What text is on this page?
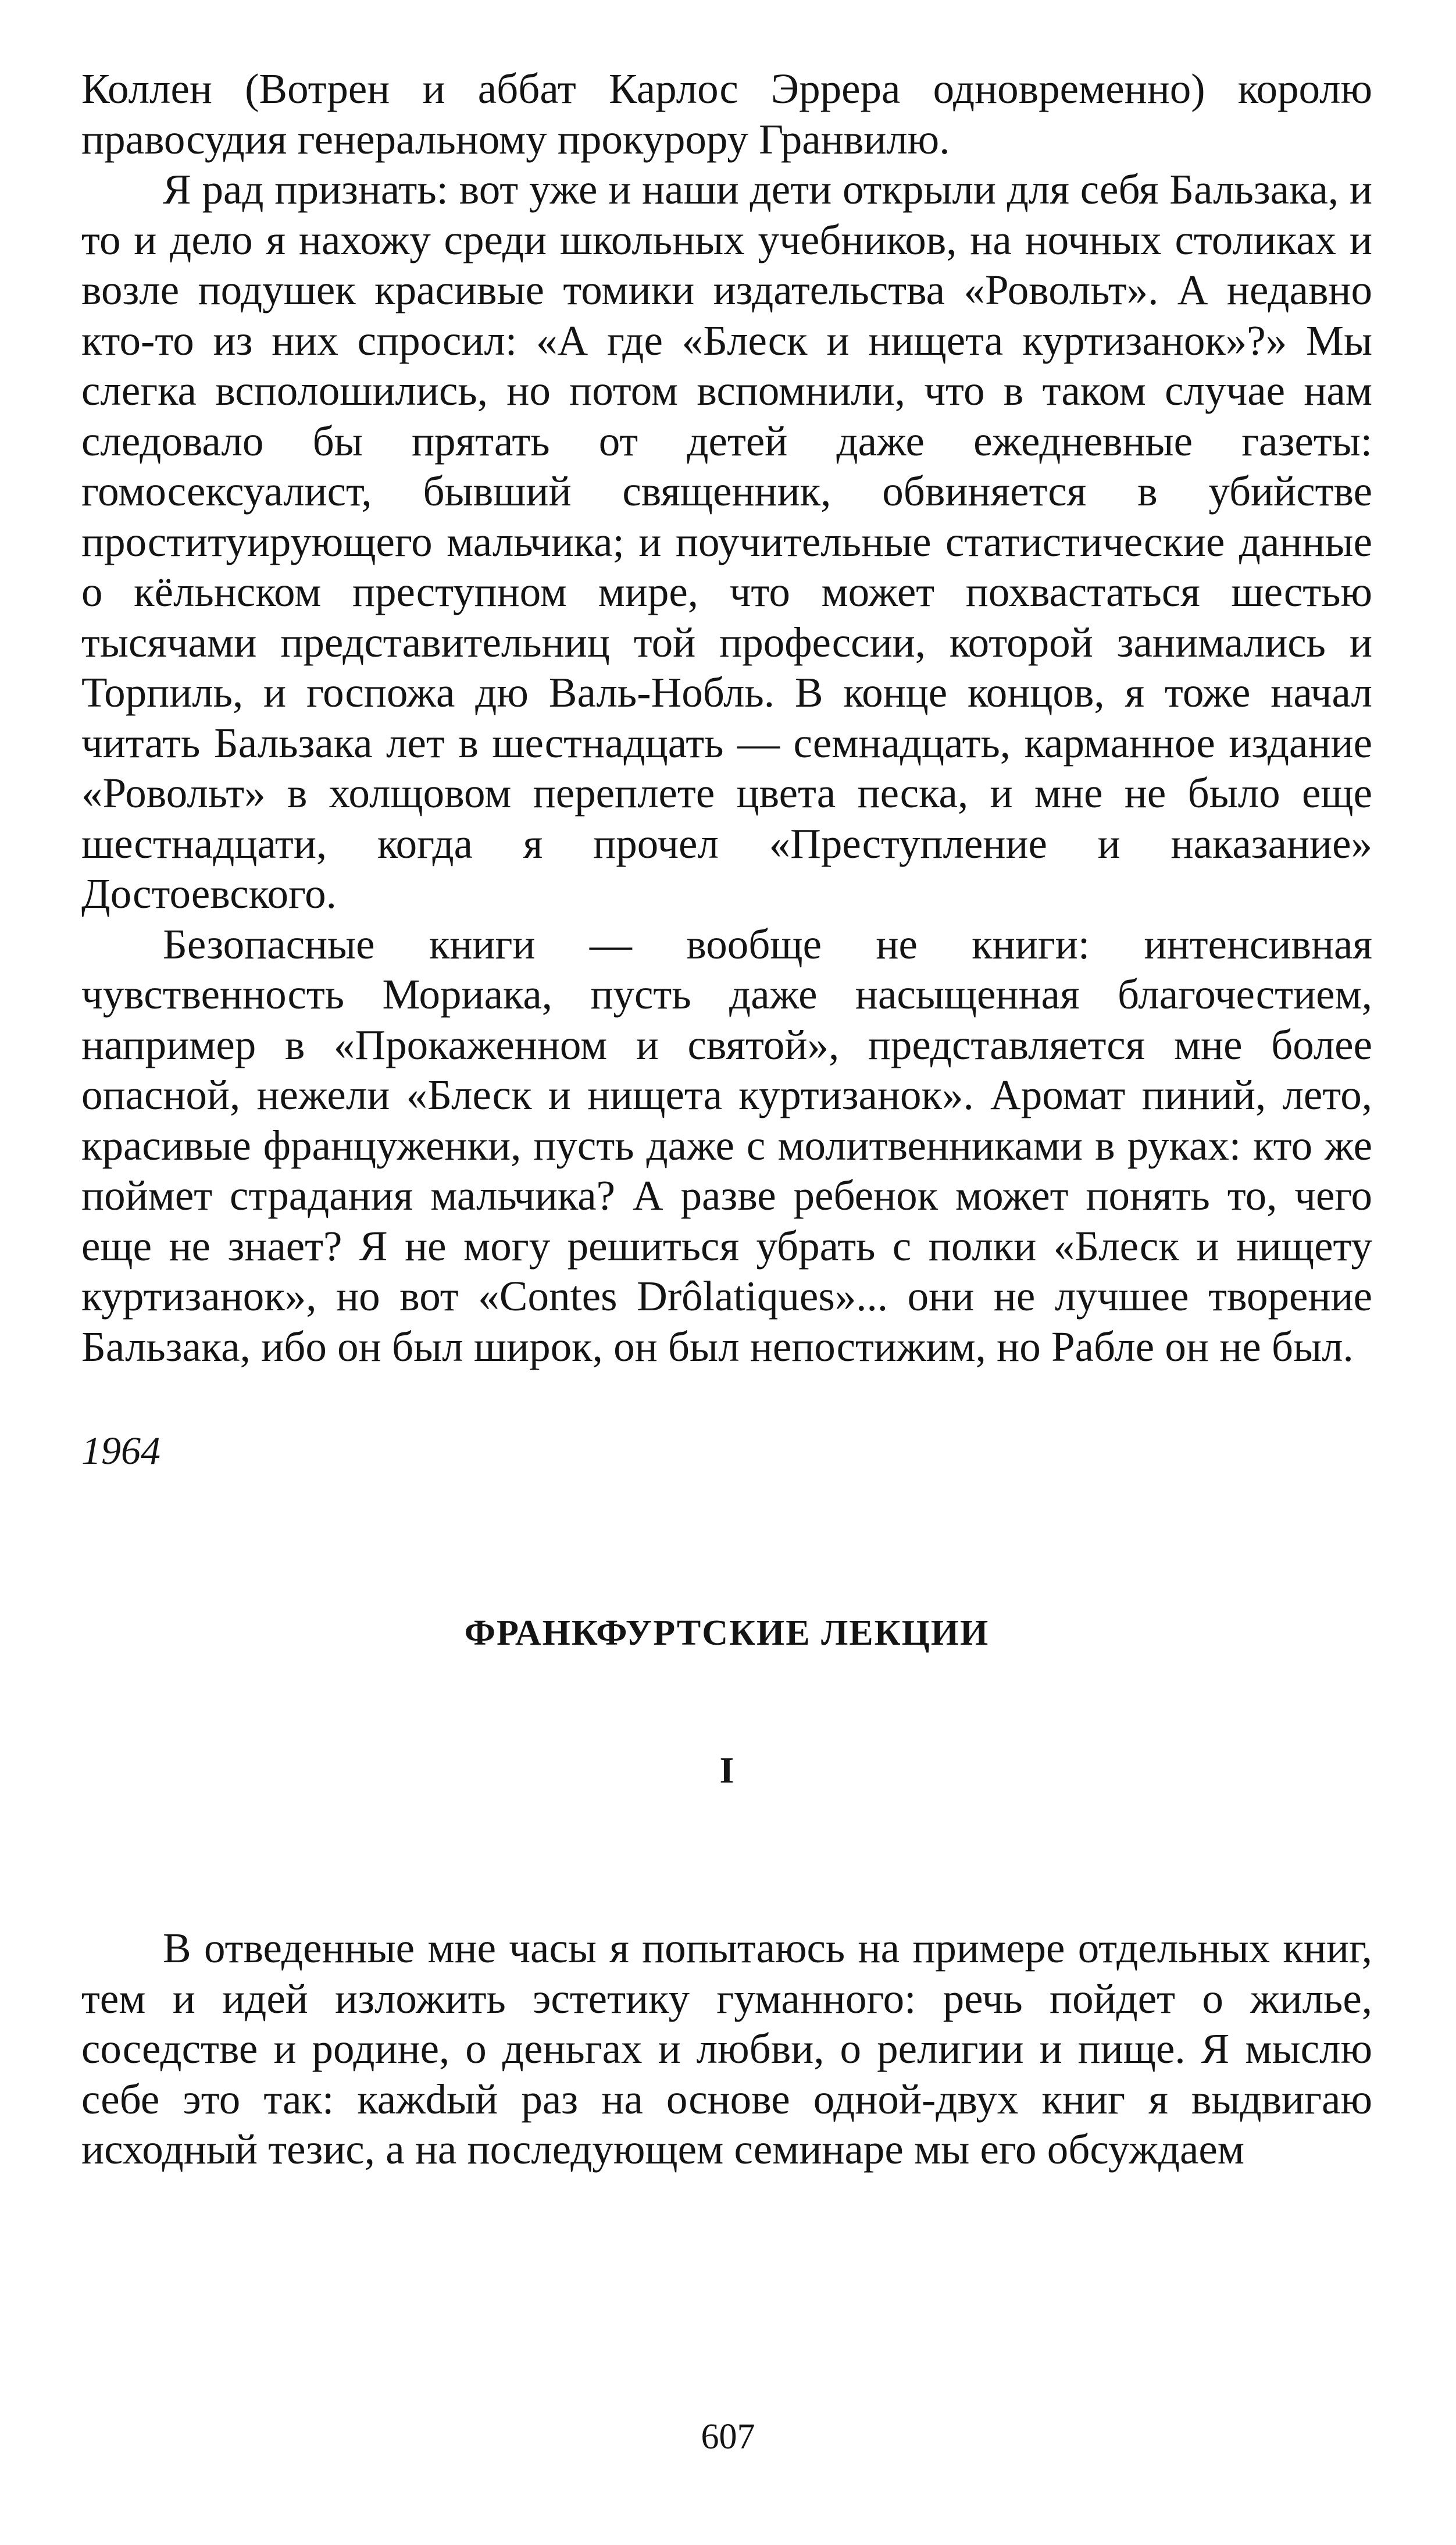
Коллен (Вотрен и аббат Карлос Эррера одновременно) королю правосудия генеральному прокурору Гранвилю.

Я рад признать: вот уже и наши дети открыли для себя Бальзака, и то и дело я нахожу среди школьных учебников, на ночных столиках и возле подушек красивые томики издательства «Ровольт». А недавно кто-то из них спросил: «А где «Блеск и нищета куртизанок»?» Мы слегка всполошились, но потом вспомнили, что в таком случае нам следовало бы прятать от детей даже ежедневные газеты: гомосексуалист, бывший священник, обвиняется в убийстве проституирующего мальчика; и поучительные статистические данные о кёльнском преступном мире, что может похвастаться шестью тысячами представительниц той профессии, которой занимались и Торпиль, и госпожа дю Валь-Нобль. В конце концов, я тоже начал читать Бальзака лет в шестнадцать — семнадцать, карманное издание «Ровольт» в холщовом переплете цвета песка, и мне не было еще шестнадцати, когда я прочел «Преступление и наказание» Достоевского.

Безопасные книги — вообще не книги: интенсивная чувственность Мориака, пусть даже насыщенная благочестием, например в «Прокаженном и святой», представляется мне более опасной, нежели «Блеск и нищета куртизанок». Аромат пиний, лето, красивые француженки, пусть даже с молитвенниками в руках: кто же поймет страдания мальчика? А разве ребенок может понять то, чего еще не знает? Я не могу решиться убрать с полки «Блеск и нищету куртизанок», но вот «Contes Drôlatiques»... они не лучшее творение Бальзака, ибо он был широк, он был непостижим, но Рабле он не был.

1964

ФРАНКФУРТСКИЕ ЛЕКЦИИ
I

В отведенные мне часы я попытаюсь на примере отдельных книг, тем и идей изложить эстетику гуманного: речь пойдет о жилье, соседстве и родине, о деньгах и любви, о религии и пище. Я мыслю себе это так: кажdый раз на основе одной-двух книг я выдвигаю исходный тезис, а на последующем семинаре мы его обсуждаем

607
